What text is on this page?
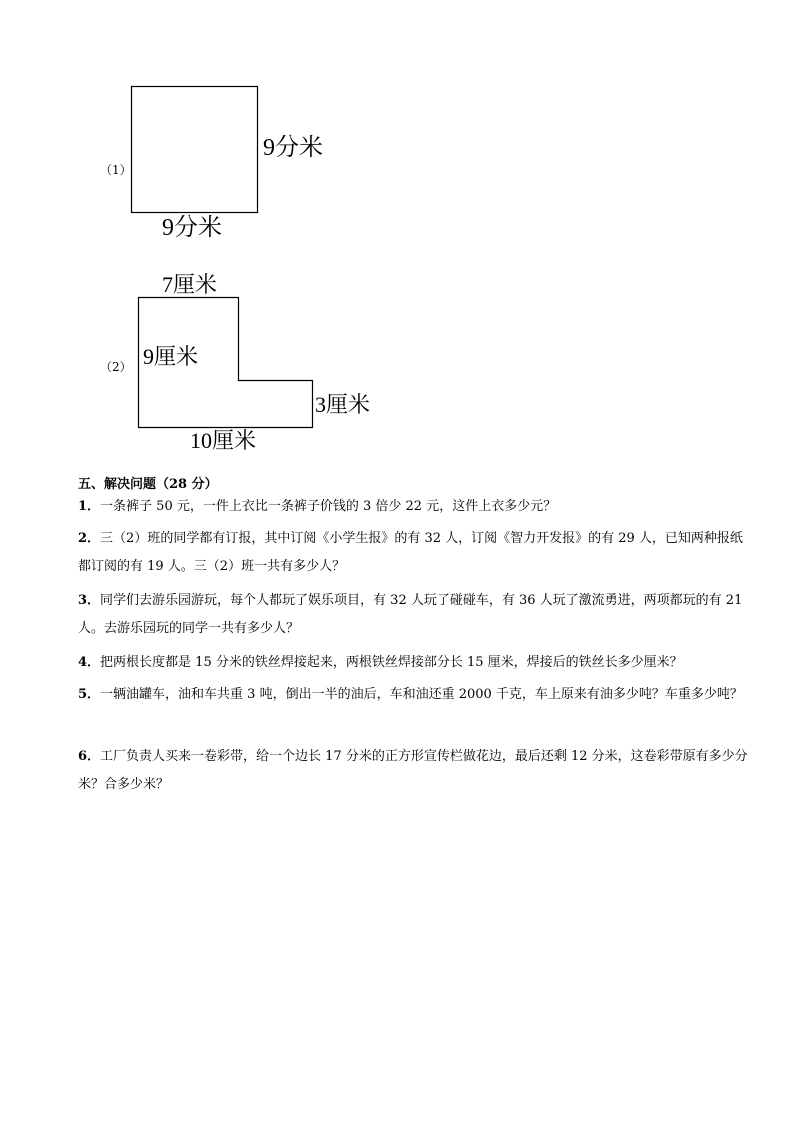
（1）
9分米
9分米
（2）
7厘米
9厘米
3厘米
10厘米
五、解决问题（28 分）
1．一条裤子 50 元，一件上衣比一条裤子价钱的 3 倍少 22 元，这件上衣多少元？
2．三（2）班的同学都有订报，其中订阅《小学生报》的有 32 人，订阅《智力开发报》的有 29 人，已知两种报纸都订阅的有 19 人。三（2）班一共有多少人？
3．同学们去游乐园游玩，每个人都玩了娱乐项目，有 32 人玩了碰碰车，有 36 人玩了激流勇进，两项都玩的有 21 人。去游乐园玩的同学一共有多少人？
4．把两根长度都是 15 分米的铁丝焊接起来，两根铁丝焊接部分长 15 厘米，焊接后的铁丝长多少厘米？
5．一辆油罐车，油和车共重 3 吨，倒出一半的油后，车和油还重 2000 千克，车上原来有油多少吨？车重多少吨？
6．工厂负责人买来一卷彩带，给一个边长 17 分米的正方形宣传栏做花边，最后还剩 12 分米，这卷彩带原有多少分米？合多少米？
